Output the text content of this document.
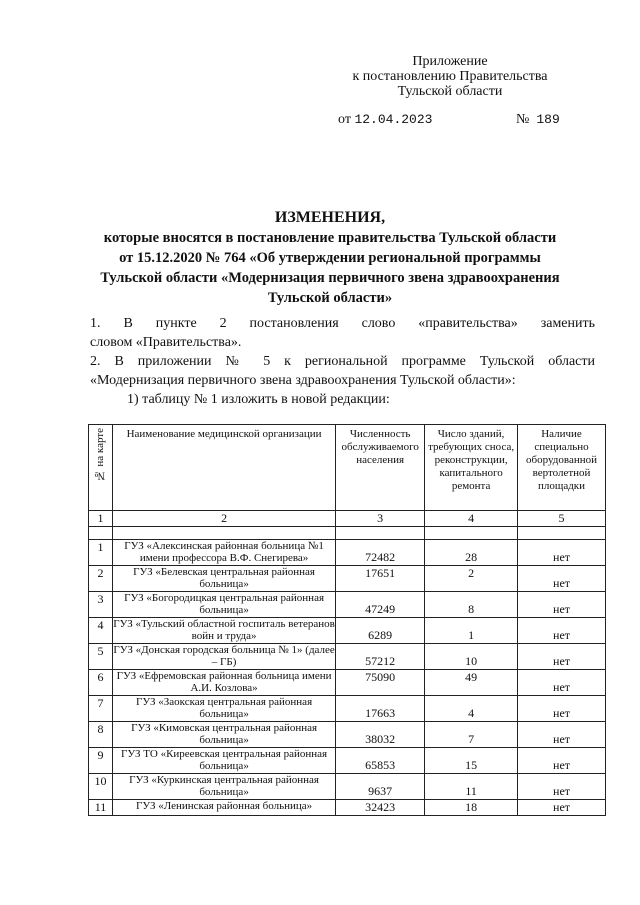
Приложение
к постановлению Правительства
Тульской области
от 12.04.2023	№ 189
ИЗМЕНЕНИЯ,
которые вносятся в постановление правительства Тульской области
от 15.12.2020 № 764 «Об утверждении региональной программы
Тульской области «Модернизация первичного звена здравоохранения
Тульской области»
1. В пункте 2 постановления слово «правительства» заменить
словом «Правительства».
2. В приложении № 5 к региональной программе Тульской области
«Модернизация первичного звена здравоохранения Тульской области»:
1) таблицу № 1 изложить в новой редакции:
№ на карте	Наименование медицинской организации	Численность обслуживаемого населения	Число зданий, требующих сноса, реконструкции, капитального ремонта	Наличие специально оборудованной вертолетной площадки
1	2	3	4	5

1	ГУЗ «Алексинская районная больница №1 имени профессора В.Ф. Снегирева»	72482	28	нет
2	ГУЗ «Белевская центральная районная больница»	17651	2	нет
3	ГУЗ «Богородицкая центральная районная больница»	47249	8	нет
4	ГУЗ «Тульский областной госпиталь ветеранов войн и труда»	6289	1	нет
5	ГУЗ «Донская городская больница № 1» (далее – ГБ)	57212	10	нет
6	ГУЗ «Ефремовская районная больница имени А.И. Козлова»	75090	49	нет
7	ГУЗ «Заокская центральная районная больница»	17663	4	нет
8	ГУЗ «Кимовская центральная районная больница»	38032	7	нет
9	ГУЗ ТО «Киреевская центральная районная больница»	65853	15	нет
10	ГУЗ «Куркинская центральная районная больница»	9637	11	нет
11	ГУЗ «Ленинская районная больница»	32423	18	нет
